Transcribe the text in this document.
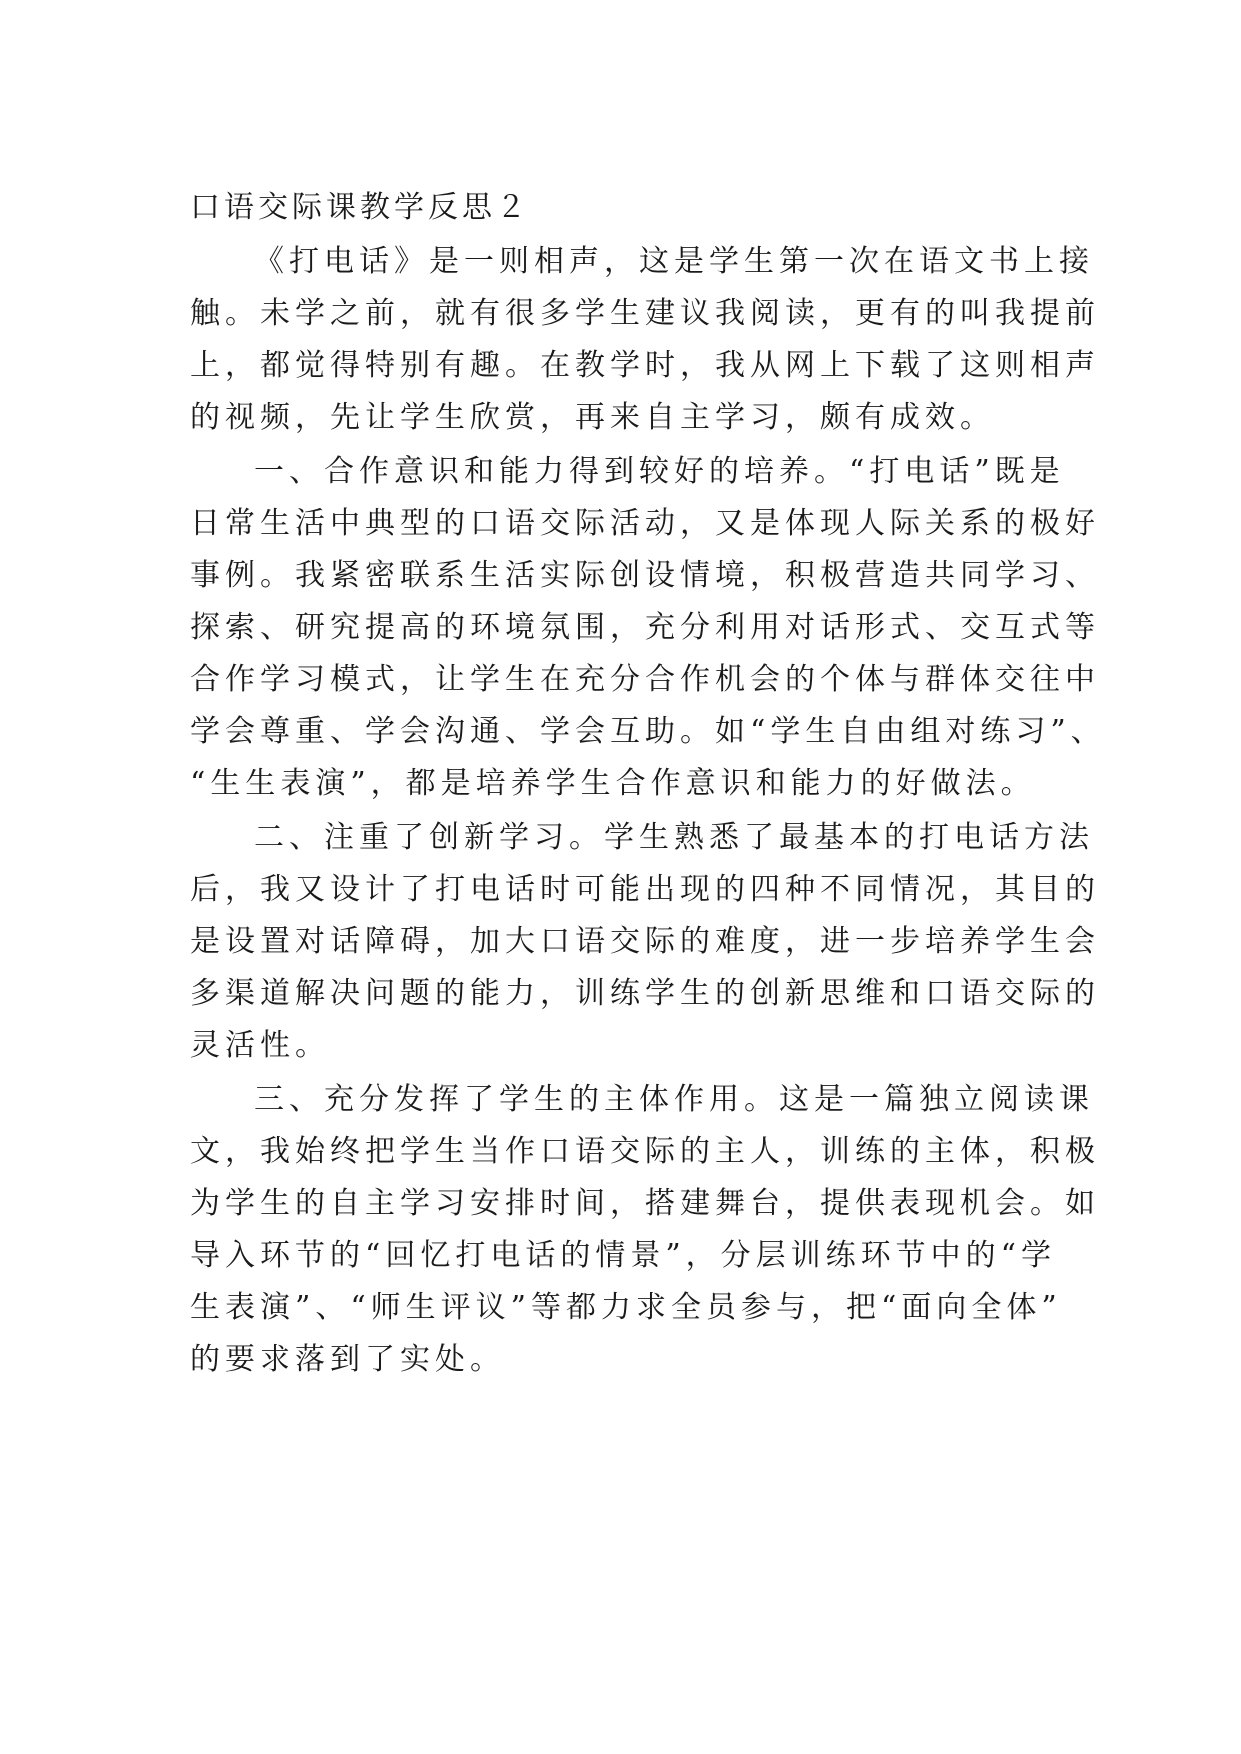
口语交际课教学反思２
《打电话》是一则相声，这是学生第一次在语文书上接
触。未学之前，就有很多学生建议我阅读，更有的叫我提前
上，都觉得特别有趣。在教学时，我从网上下载了这则相声
的视频，先让学生欣赏，再来自主学习，颇有成效。
一、合作意识和能力得到较好的培养。“打电话”既是
日常生活中典型的口语交际活动，又是体现人际关系的极好
事例。我紧密联系生活实际创设情境，积极营造共同学习、
探索、研究提高的环境氛围，充分利用对话形式、交互式等
合作学习模式，让学生在充分合作机会的个体与群体交往中
学会尊重、学会沟通、学会互助。如“学生自由组对练习”、
“生生表演”，都是培养学生合作意识和能力的好做法。
二、注重了创新学习。学生熟悉了最基本的打电话方法
后，我又设计了打电话时可能出现的四种不同情况，其目的
是设置对话障碍，加大口语交际的难度，进一步培养学生会
多渠道解决问题的能力，训练学生的创新思维和口语交际的
灵活性。
三、充分发挥了学生的主体作用。这是一篇独立阅读课
文，我始终把学生当作口语交际的主人，训练的主体，积极
为学生的自主学习安排时间，搭建舞台，提供表现机会。如
导入环节的“回忆打电话的情景”，分层训练环节中的“学
生表演”、“师生评议”等都力求全员参与，把“面向全体”
的要求落到了实处。
